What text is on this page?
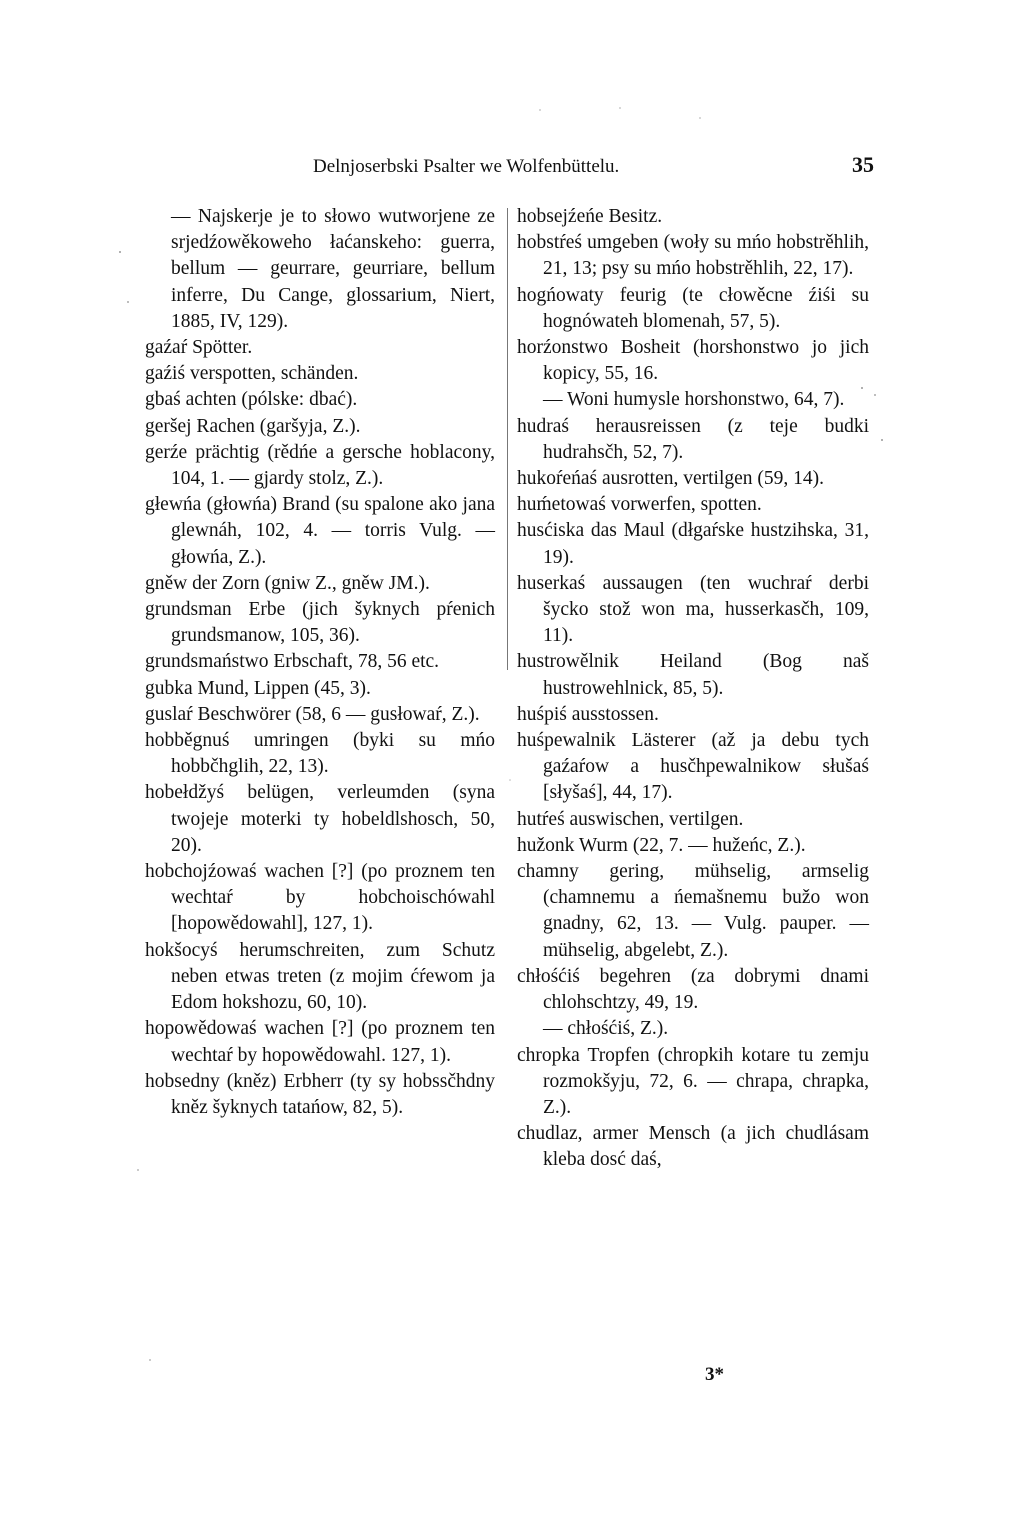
Delnjoserbski Psalter we Wolfenbüttelu.	35

— Najskerje je to słowo wutworjene ze srjedźowěkoweho łaćanskeho: guerra, bellum — geurrare, geurriare, bellum inferre, Du Cange, glossarium, Niert, 1885, IV, 129).

gaźaŕ Spötter.

gaźiś verspotten, schänden.

gbaś achten (pólske: dbać).

geršej Rachen (garšyja, Z.).

gerźe prächtig (rědńe a gersche hoblacony, 104, 1. — gjardy stolz, Z.).

głewńa (głowńa) Brand (su spalone ako jana glewnáh, 102, 4. — torris Vulg. — głowńa, Z.).

gněw der Zorn (gniw Z., gněw JM.).

grundsman Erbe (jich šyknych pŕenich grundsmanow, 105, 36).

grundsmaństwo Erbschaft, 78, 56 etc.

gubka Mund, Lippen (45, 3).

guslaŕ Beschwörer (58, 6 — gusłowaŕ, Z.).

hobběgnuś umringen (byki su mńo hobbčhglih, 22, 13).

hobełdžyś belügen, verleumden (syna twojeje moterki ty hobeldlshosch, 50, 20).

hobchojźowaś wachen [?] (po proznem ten wechtaŕ by hobchoischówahl [hopowědowahl], 127, 1).

hokšocyś herumschreiten, zum Schutz neben etwas treten (z mojim ćŕewom ja Edom hokshozu, 60, 10).

hopowědowaś wachen [?] (po proznem ten wechtaŕ by hopowědowahl. 127, 1).

hobsedny (kněz) Erbherr (ty sy hobssčhdny kněz šyknych tatańow, 82, 5).

hobsejźeńe Besitz.

hobstŕeś umgeben (woły su mńo hobstrěhlih, 21, 13; psy su mńo hobstrěhlih, 22, 17).

hogńowaty feurig (te cłowěcne źiśi su hognówateh blomenah, 57, 5).

horźonstwo Bosheit (horshonstwo jo jich kopicy, 55, 16.

— Woni humysle horshonstwo, 64, 7).

hudraś herausreissen (z teje budki hudrahsčh, 52, 7).

hukoŕeńaś ausrotten, vertilgen (59, 14).

huḿetowaś vorwerfen, spotten.

husćiska das Maul (dłgaŕske hustzihska, 31, 19).

huserkaś aussaugen (ten wuchraŕ derbi šycko stož won ma, husserkasčh, 109, 11).

hustrowělnik Heiland (Bog naš hustrowehlnick, 85, 5).

huśpiś ausstossen.

huśpewalnik Lästerer (až ja debu tych gaźaŕow a husčhpewalnikow słušaś [słyšaś], 44, 17).

hutŕeś auswischen, vertilgen.

hužonk Wurm (22, 7. — hužeńc, Z.).

chamny gering, mühselig, armselig (chamnemu a ńemašnemu bužo won gnadny, 62, 13. — Vulg. pauper. — mühselig, abgelebt, Z.).

chłośćiś begehren (za dobrymi dnami chlohschtzy, 49, 19.

— chłośćiś, Z.).

chropka Tropfen (chropkih kotare tu zemju rozmokšyju, 72, 6. — chrapa, chrapka, Z.).

chudlaz, armer Mensch (a jich chudlásam kleba dosć daś,

3*
